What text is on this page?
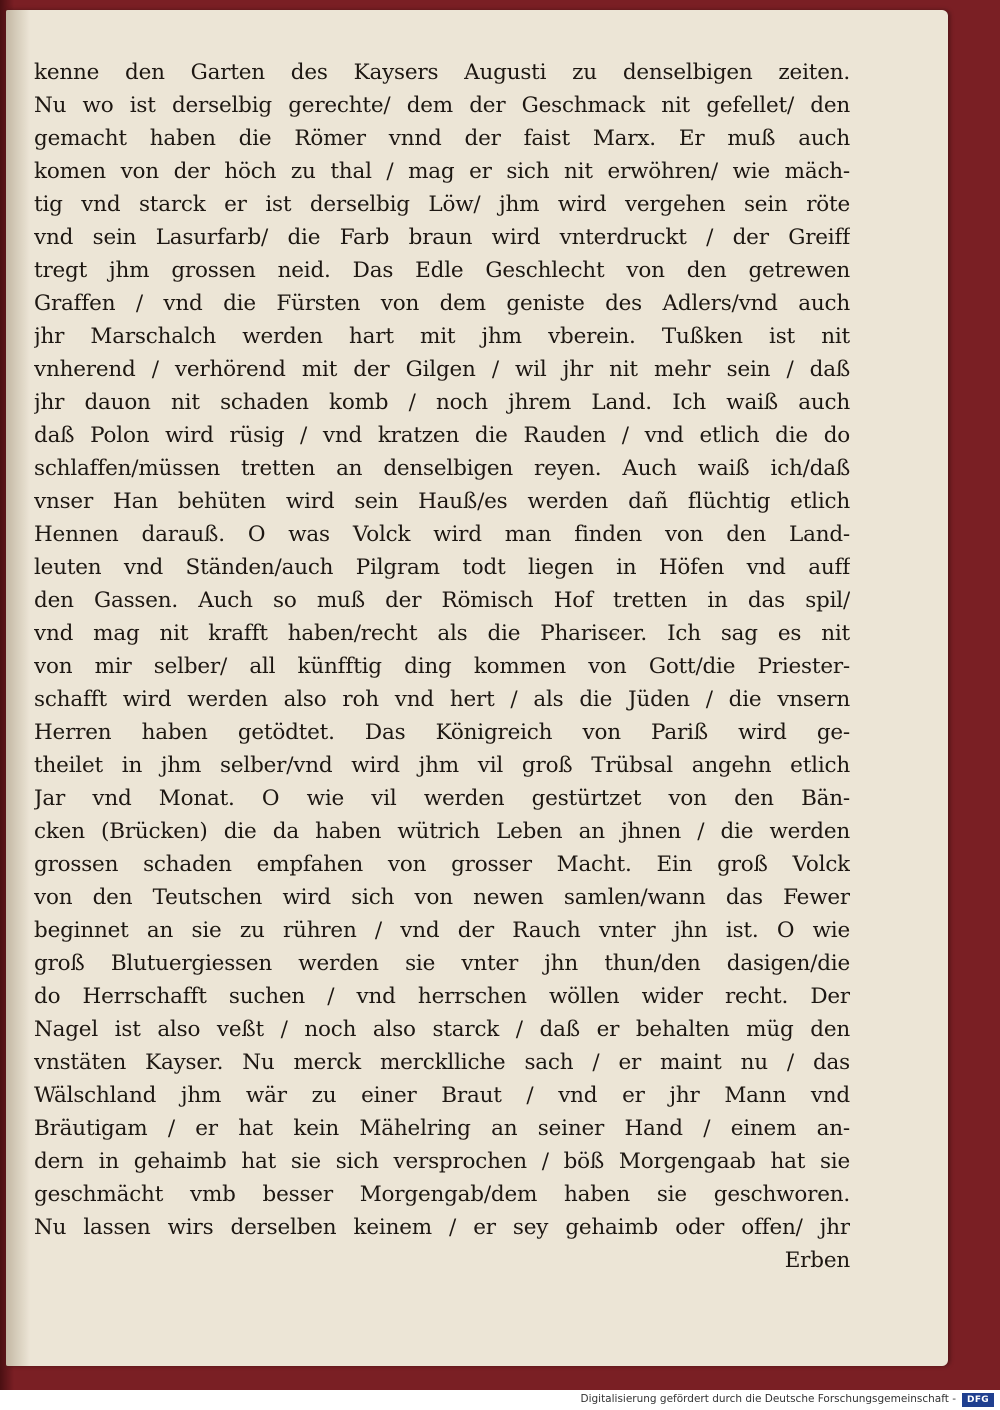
kenne den Garten des Kaysers Augusti zu denselbigen zeiten.
Nu wo ist derselbig gerechte/ dem der Geschmack nit gefellet/ den
gemacht haben die Römer vnnd der faist Marx. Er muß auch
komen von der höch zu thal / mag er sich nit erwöhren/ wie mäch-
tig vnd starck er ist derselbig Löw/ jhm wird vergehen sein röte
vnd sein Lasurfarb/ die Farb braun wird vnterdruckt / der Greiff
tregt jhm grossen neid. Das Edle Geschlecht von den getrewen
Graffen / vnd die Fürsten von dem geniste des Adlers/vnd auch
jhr Marschalch werden hart mit jhm vberein. Tußken ist nit
vnherend / verhörend mit der Gilgen / wil jhr nit mehr sein / daß
jhr dauon nit schaden komb / noch jhrem Land. Ich waiß auch
daß Polon wird rüsig / vnd kratzen die Rauden / vnd etlich die do
schlaffen/müssen tretten an denselbigen reyen. Auch waiß ich/daß
vnser Han behüten wird sein Hauß/es werden dañ flüchtig etlich
Hennen darauß. O was Volck wird man finden von den Land-
leuten vnd Ständen/auch Pilgram todt liegen in Höfen vnd auff
den Gassen. Auch so muß der Römisch Hof tretten in das spil/
vnd mag nit krafft haben/recht als die Pharisєer. Ich sag es nit
von mir selber/ all künfftig ding kommen von Gott/die Priester-
schafft wird werden also roh vnd hert / als die Jüden / die vnsern
Herren haben getödtet. Das Königreich von Pariß wird ge-
theilet in jhm selber/vnd wird jhm vil groß Trübsal angehn etlich
Jar vnd Monat. O wie vil werden gestürtzet von den Bän-
cken (Brücken) die da haben wütrich Leben an jhnen / die werden
grossen schaden empfahen von grosser Macht. Ein groß Volck
von den Teutschen wird sich von newen samlen/wann das Fewer
beginnet an sie zu rühren / vnd der Rauch vnter jhn ist. O wie
groß Blutuergiessen werden sie vnter jhn thun/den dasigen/die
do Herrschafft suchen / vnd herrschen wöllen wider recht. Der
Nagel ist also veßt / noch also starck / daß er behalten müg den
vnstäten Kayser. Nu merck mercklliche sach / er maint nu / das
Wälschland jhm wär zu einer Braut / vnd er jhr Mann vnd
Bräutigam / er hat kein Mähelring an seiner Hand / einem an-
dern in gehaimb hat sie sich versprochen / böß Morgengaab hat sie
geschmächt vmb besser Morgengab/dem haben sie geschworen.
Nu lassen wirs derselben keinem / er sey gehaimb oder offen/ jhr
Erben
Digitalisierung gefördert durch die Deutsche Forschungsgemeinschaft -	DFG
